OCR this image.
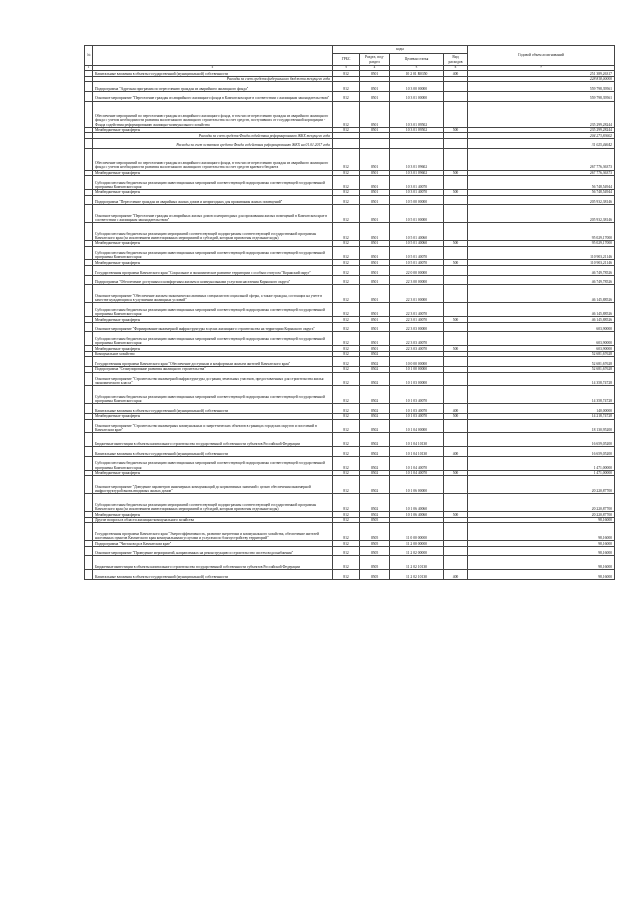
№		коды				Годовой объем ассигнований
		ГРБС	Раздел, под-раздел	Целевая статья	Вид расходов	
1	2	3	4	5	6	7
	Капитальные вложения в объекты государственной (муниципальной) собственности	812	0501	10 2 01 R0350	400	251 389,26317
	Расходы за счет средств федерального бюджета текущего года					228 818,00000
	Подпрограмма "Адресная программа по переселению граждан из аварийного жилищного фонда"	812	0501	10 3 00 00000		559 798,39561
	Основное мероприятие "Переселение граждан из аварийного жилищного фонда в Камчатском крае в соответствии с жилищным законодательством"	812	0501	10 3 01 00000		559 798,39561
	Обеспечение мероприятий по переселению граждан из аварийного жилищного фонда, в том числе переселению граждан из аварийного жилищного фонда с учетом необходимости развития малоэтажного жилищного строительства за счет средств, поступивших от государственной корпорации - Фонда содействия реформированию жилищно-коммунального хозяйства	812	0501	10 3 01 09502		235 299,28244
	Межбюджетные трансферты	812	0501	10 3 01 09502	500	235 299,28244
	Расходы за счет средств Фонда содействия реформированию ЖКХ текущего года					204 273,83602
	Расходы за счет остатков средств Фонда содействия реформированию ЖКХ на 01.01.2017 года					31 025,44642
	Обеспечение мероприятий по переселению граждан из аварийного жилищного фонда, в том числе переселению граждан из аварийного жилищного фонда с учетом необходимости развития малоэтажного жилищного строительства за счет средств краевого бюджета	812	0501	10 3 01 09602		267 776,36373
	Межбюджетные трансферты	812	0501	10 3 01 09602	500	267 776,36373
	Субсидии местным бюджетам на реализацию инвестиционных мероприятий соответствующей подпрограммы соответствующей государственной программы Камчатского края	812	0501	10 3 01 40070		56 748,54944
	Межбюджетные трансферты	812	0501	10 3 01 40070	500	56 748,54944
	Подпрограмма "Переселение граждан из аварийных жилых домов и непригодных для проживания жилых помещений"	812	0501	10 5 00 00000		205 932,38146
	Основное мероприятие "Переселение граждан из аварийных жилых домов и непригодных для проживания жилых помещений в Камчатском крае в соответствии с жилищным законодательством"	812	0501	10 5 01 00000		205 932,38146
	Субсидии местным бюджетам на реализацию мероприятий соответствующей подпрограммы соответствующей государственной программы Камчатского края (за исключением инвестиционных мероприятий и субсидий, которым присвоены отдельные коды)	812	0501	10 5 01 40060		95 029,17000
	Межбюджетные трансферты	812	0501	10 5 01 40060	500	95 029,17000
	Субсидии местным бюджетам на реализацию инвестиционных мероприятий соответствующей подпрограммы соответствующей государственной программы Камчатского края	812	0501	10 5 01 40070		110 903,21146
	Межбюджетные трансферты	812	0501	10 5 01 40070	500	110 903,21146
	Государственная программа Камчатского края "Социальное и экономическое развитие территории с особым статусом "Корякский округ"	812	0501	22 0 00 00000		46 749,78526
	Подпрограмма "Обеспечение доступным и комфортным жильем и коммунальными услугами населения Корякского округа"	812	0501	22 3 00 00000		46 749,78526
	Основное мероприятие "Обеспечение жильем экономически активных специалистов социальной сферы, а также граждан, состоящих на учете в качестве нуждающихся в улучшении жилищных условий"	812	0501	22 3 01 00000		46 145,88526
	Субсидии местным бюджетам на реализацию инвестиционных мероприятий соответствующей подпрограммы соответствующей государственной программы Камчатского края	812	0501	22 3 01 40070		46 145,88526
	Межбюджетные трансферты	812	0501	22 3 01 40070	500	46 145,88526
	Основное мероприятие "Формирование инженерной инфраструктуры в целях жилищного строительства на территории Корякского округа"	812	0501	22 3 03 00000		603,90000
	Субсидии местным бюджетам на реализацию инвестиционных мероприятий соответствующей подпрограммы соответствующей государственной программы Камчатского края	812	0501	22 3 03 40070		603,90000
	Межбюджетные трансферты	812	0501	22 3 03 40070	500	603,90000
	Коммунальное хозяйство	812	0502			52 681,67628
	Государственная программа Камчатского края "Обеспечение доступным и комфортным жильем жителей Камчатского края"	812	0502	10 0 00 00000		52 681,67628
	Подпрограмма "Стимулирование развития жилищного строительства"	812	0502	10 1 00 00000		52 681,67628
	Основное мероприятие "Строительство инженерной инфраструктуры до границ земельных участков, предоставленных для строительства жилья экономического класса"	812	0502	10 1 03 00000		14 358,74728
	Субсидии местным бюджетам на реализацию инвестиционных мероприятий соответствующей подпрограммы соответствующей государственной программы Камчатского края	812	0502	10 1 03 40070		14 358,74728
	Капитальные вложения в объекты государственной (муниципальной) собственности	812	0502	10 1 03 40070	400	140,00000
	Межбюджетные трансферты	812	0502	10 1 03 40070	500	14 218,74728
	Основное мероприятие "Строительство инженерных коммунальных и энергетических объектов в границах городских округов и поселений в Камчатском крае"	812	0502	10 1 04 00000		18 130,95200
	Бюджетные инвестиции в объекты капитального строительства государственной собственности субъектов Российской Федерации	812	0502	10 1 04 10130		16 659,05200
	Капитальные вложения в объекты государственной (муниципальной) собственности	812	0502	10 1 04 10130	400	16 659,05200
	Субсидии местным бюджетам на реализацию инвестиционных мероприятий соответствующей подпрограммы соответствующей государственной программы Камчатского края	812	0502	10 1 04 40070		1 471,00000
	Межбюджетные трансферты	812	0502	10 1 04 40070	500	1 471,00000
	Основное мероприятие "Доведение параметров инженерных коммуникаций до нормативных значений с целью обеспечения инженерной инфраструктурой вновь вводимых жилых домов"	812	0502	10 1 06 00000		20 220,87700
	Субсидии местным бюджетам на реализацию мероприятий соответствующей подпрограммы соответствующей государственной программы Камчатского края (за исключением инвестиционных мероприятий и субсидий, которым присвоены отдельные коды)	812	0502	10 1 06 40060		20 220,87700
	Межбюджетные трансферты	812	0502	10 1 06 40060	500	20 220,87700
	Другие вопросы в области жилищно-коммунального хозяйства	812	0505			98,16000
	Государственная программа Камчатского края "Энергоэффективность, развитие энергетики и коммунального хозяйства, обеспечение жителей населенных пунктов Камчатского края коммунальными услугами и услугами по благоустройству территорий"	812	0505	11 0 00 00000		98,16000
	Подпрограмма "Чистая вода в Камчатском крае"	812	0505	11 2 00 00000		98,16000
	Основное мероприятие "Проведение мероприятий, направленных на реконструкцию и строительство систем водоснабжения"	812	0505	11 2 02 00000		98,16000
	Бюджетные инвестиции в объекты капитального строительства государственной собственности субъектов Российской Федерации	812	0505	11 2 02 10130		98,16000
	Капитальные вложения в объекты государственной (муниципальной) собственности	812	0505	11 2 02 10130	400	98,16000
